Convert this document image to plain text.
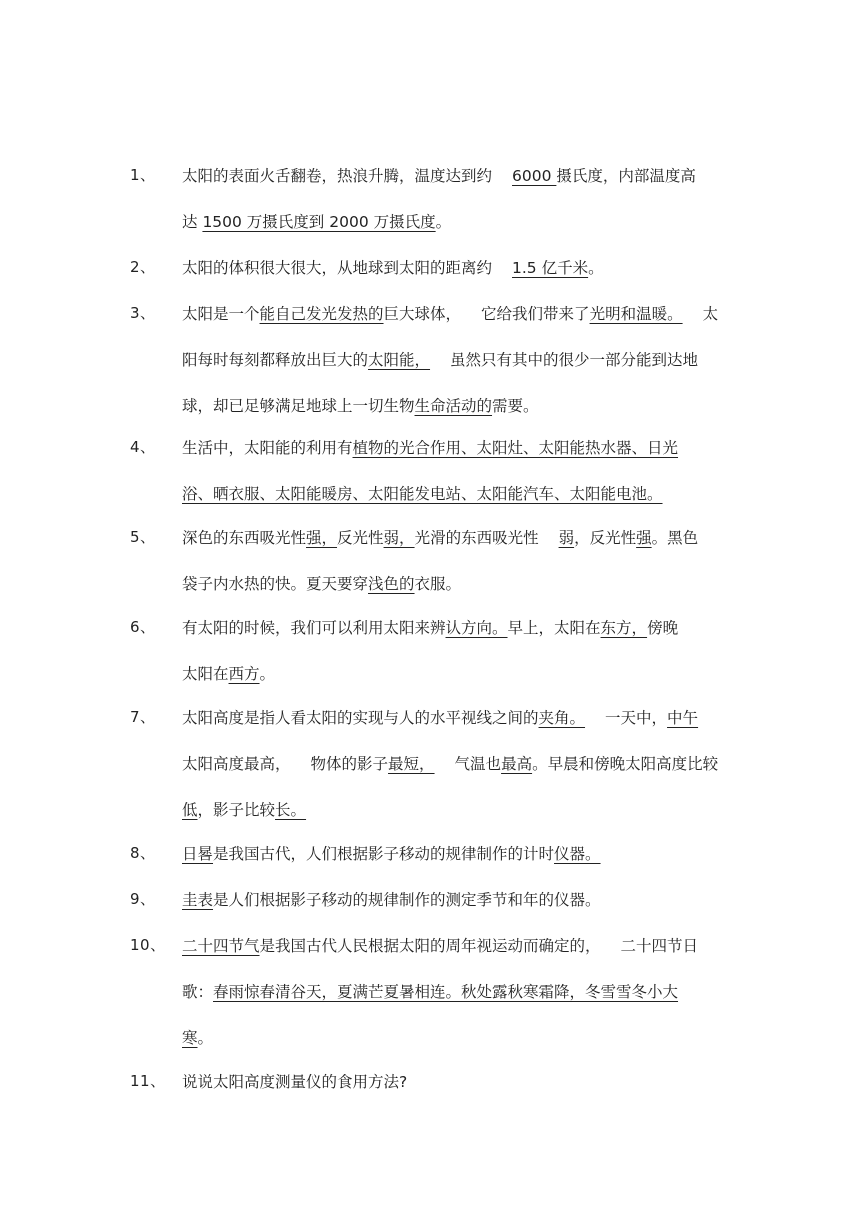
1、 太阳的表面火舌翻卷，热浪升腾，温度达到约 6000 摄氏度，内部温度高
达 1500 万摄氏度到 2000 万摄氏度。
2、 太阳的体积很大很大，从地球到太阳的距离约 1.5 亿千米。
3、 太阳是一个能自己发光发热的巨大球体， 它给我们带来了光明和温暖。 太
阳每时每刻都释放出巨大的太阳能， 虽然只有其中的很少一部分能到达地
球，却已足够满足地球上一切生物生命活动的需要。
4、 生活中，太阳能的利用有植物的光合作用、太阳灶、太阳能热水器、日光
浴、晒衣服、太阳能暖房、太阳能发电站、太阳能汽车、太阳能电池。
5、 深色的东西吸光性强，反光性弱，光滑的东西吸光性 弱，反光性强。黑色
袋子内水热的快。夏天要穿浅色的衣服。
6、 有太阳的时候，我们可以利用太阳来辨认方向。早上，太阳在东方，傍晚
太阳在西方。
7、 太阳高度是指人看太阳的实现与人的水平视线之间的夹角。 一天中，中午
太阳高度最高， 物体的影子最短， 气温也最高。早晨和傍晚太阳高度比较
低，影子比较长。
8、 日晷是我国古代，人们根据影子移动的规律制作的计时仪器。
9、 圭表是人们根据影子移动的规律制作的测定季节和年的仪器。
10、 二十四节气是我国古代人民根据太阳的周年视运动而确定的， 二十四节日
歌：春雨惊春清谷天，夏满芒夏暑相连。秋处露秋寒霜降，冬雪雪冬小大
寒。
11、 说说太阳高度测量仪的食用方法?
